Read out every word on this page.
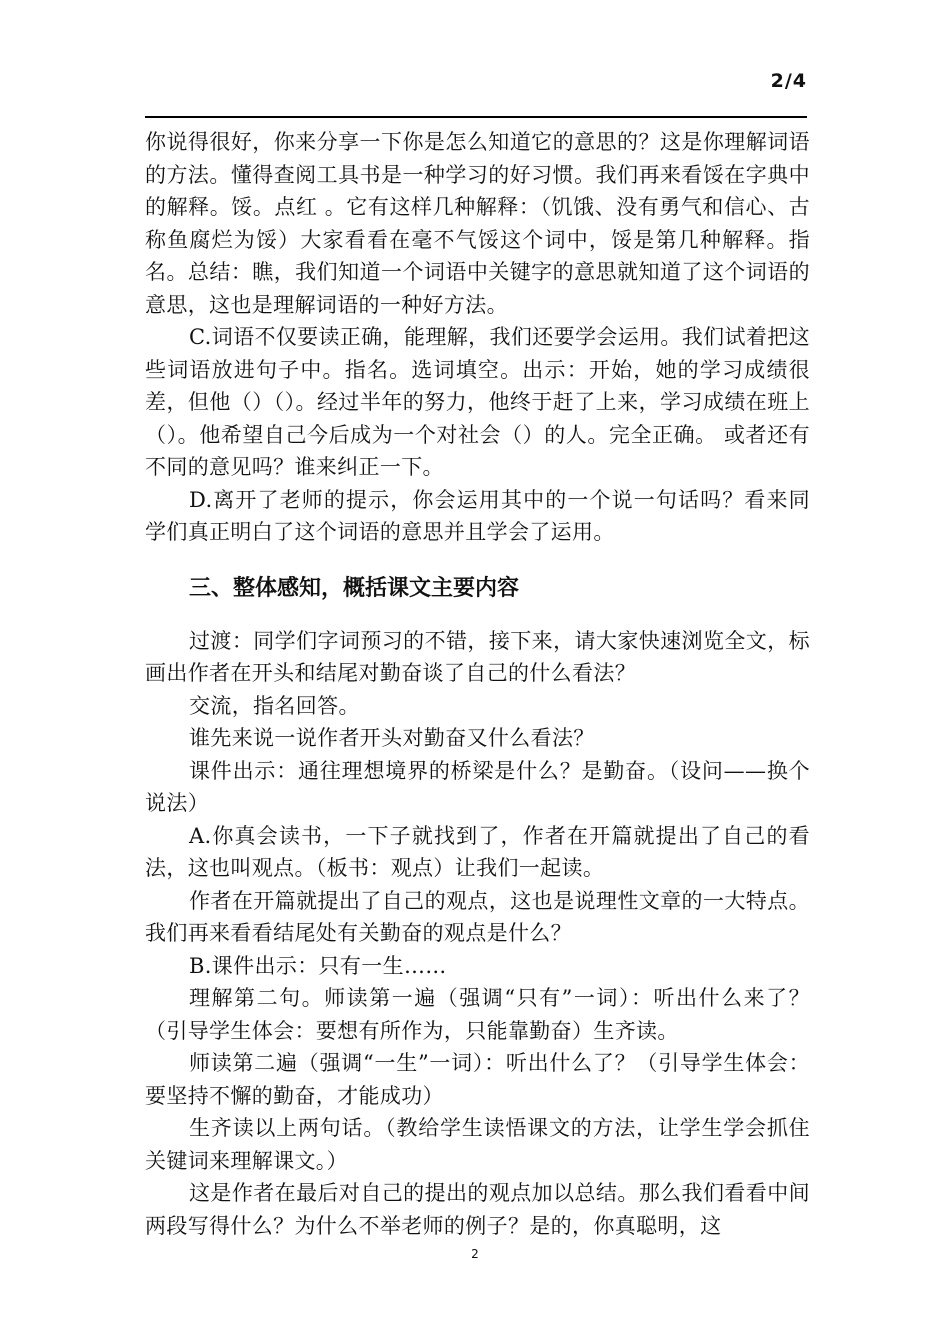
2/4

你说得很好，你来分享一下你是怎么知道它的意思的？这是你理解词语的方法。懂得查阅工具书是一种学习的好习惯。我们再来看馁在字典中的解释。馁。点红 。它有这样几种解释：（饥饿、没有勇气和信心、古称鱼腐烂为馁）大家看看在毫不气馁这个词中，馁是第几种解释。指名。总结：瞧，我们知道一个词语中关键字的意思就知道了这个词语的意思，这也是理解词语的一种好方法。

C.词语不仅要读正确，能理解，我们还要学会运用。我们试着把这些词语放进句子中。指名。选词填空。出示：开始，她的学习成绩很差，但他（）（）。经过半年的努力，他终于赶了上来，学习成绩在班上（）。他希望自己今后成为一个对社会（）的人。完全正确。 或者还有不同的意见吗？谁来纠正一下。

D.离开了老师的提示，你会运用其中的一个说一句话吗？看来同学们真正明白了这个词语的意思并且学会了运用。

三、整体感知，概括课文主要内容

过渡：同学们字词预习的不错，接下来，请大家快速浏览全文，标画出作者在开头和结尾对勤奋谈了自己的什么看法？

交流，指名回答。

谁先来说一说作者开头对勤奋又什么看法？

课件出示：通往理想境界的桥梁是什么？是勤奋。（设问——换个说法）

A.你真会读书，一下子就找到了，作者在开篇就提出了自己的看法，这也叫观点。（板书：观点）让我们一起读。

作者在开篇就提出了自己的观点，这也是说理性文章的一大特点。我们再来看看结尾处有关勤奋的观点是什么？

B.课件出示：只有一生……

理解第二句。师读第一遍（强调“只有”一词）：听出什么来了？（引导学生体会：要想有所作为，只能靠勤奋）生齐读。

师读第二遍（强调“一生”一词）：听出什么了？（引导学生体会：要坚持不懈的勤奋，才能成功）

生齐读以上两句话。（教给学生读悟课文的方法，让学生学会抓住关键词来理解课文。）

这是作者在最后对自己的提出的观点加以总结。那么我们看看中间两段写得什么？为什么不举老师的例子？是的，你真聪明，这

2
